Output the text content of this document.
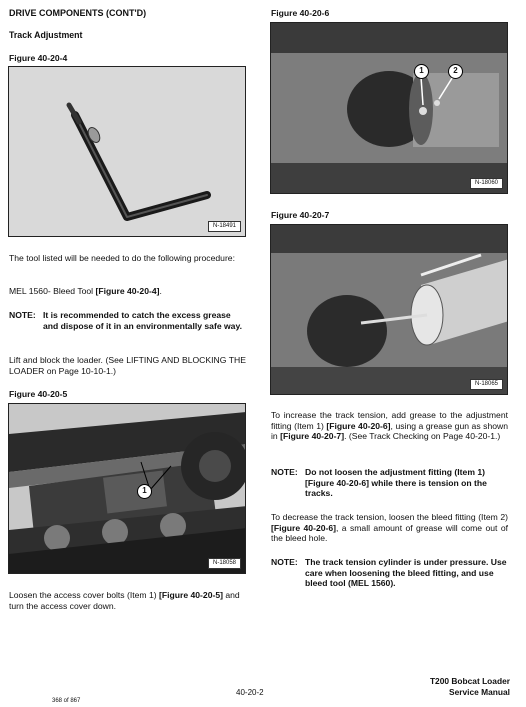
DRIVE COMPONENTS (CONT'D)
Track Adjustment
Figure 40-20-4
N-18491
The tool listed will be needed to do the following procedure:
MEL 1560- Bleed Tool [Figure 40-20-4].
NOTE: It is recommended to catch the excess grease and dispose of it in an environmentally safe way.
Lift and block the loader. (See LIFTING AND BLOCKING THE LOADER on Page 10-10-1.)
Figure 40-20-5
1
N-18058
Loosen the access cover bolts (Item 1) [Figure 40-20-5] and turn the access cover down.
Figure 40-20-6
1	2
N-18060
Figure 40-20-7
N-18065
To increase the track tension, add grease to the adjustment fitting (Item 1) [Figure 40-20-6], using a grease gun as shown in [Figure 40-20-7]. (See Track Checking on Page 40-20-1.)
NOTE: Do not loosen the adjustment fitting (Item 1) [Figure 40-20-6] while there is tension on the tracks.
To decrease the track tension, loosen the bleed fitting (Item 2) [Figure 40-20-6], a small amount of grease will come out of the bleed hole.
NOTE: The track tension cylinder is under pressure. Use care when loosening the bleed fitting, and use bleed tool (MEL 1560).
40-20-2
T200 Bobcat Loader
Service Manual
368 of 867
